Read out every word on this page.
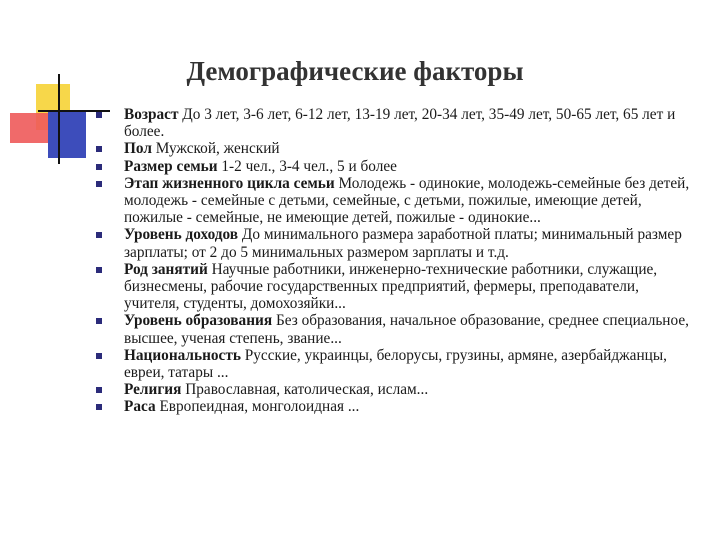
Демографические факторы
Возраст До 3 лет, 3-6 лет, 6-12 лет, 13-19 лет, 20-34 лет, 35-49 лет, 50-65 лет, 65 лет и более.
Пол Мужской, женский
Размер семьи 1-2 чел., 3-4 чел., 5 и более
Этап жизненного цикла семьи Молодежь - одинокие, молодежь-семейные без детей, молодежь - семейные с детьми, семейные, с детьми, пожилые, имеющие детей, пожилые - семейные, не имеющие детей, пожилые - одинокие...
Уровень доходов До минимального размера заработной платы; минимальный размер зарплаты; от 2 до 5 минимальных размером зарплаты и т.д.
Род занятий Научные работники, инженерно-технические работники, служащие, бизнесмены, рабочие государственных предприятий, фермеры, преподаватели, учителя, студенты, домохозяйки...
Уровень образования Без образования, начальное образование, среднее специальное, высшее, ученая степень, звание...
Национальность Русские, украинцы, белорусы, грузины, армяне, азербайджанцы, евреи, татары ...
Религия Православная, католическая, ислам...
Раса Европеидная, монголоидная ...
